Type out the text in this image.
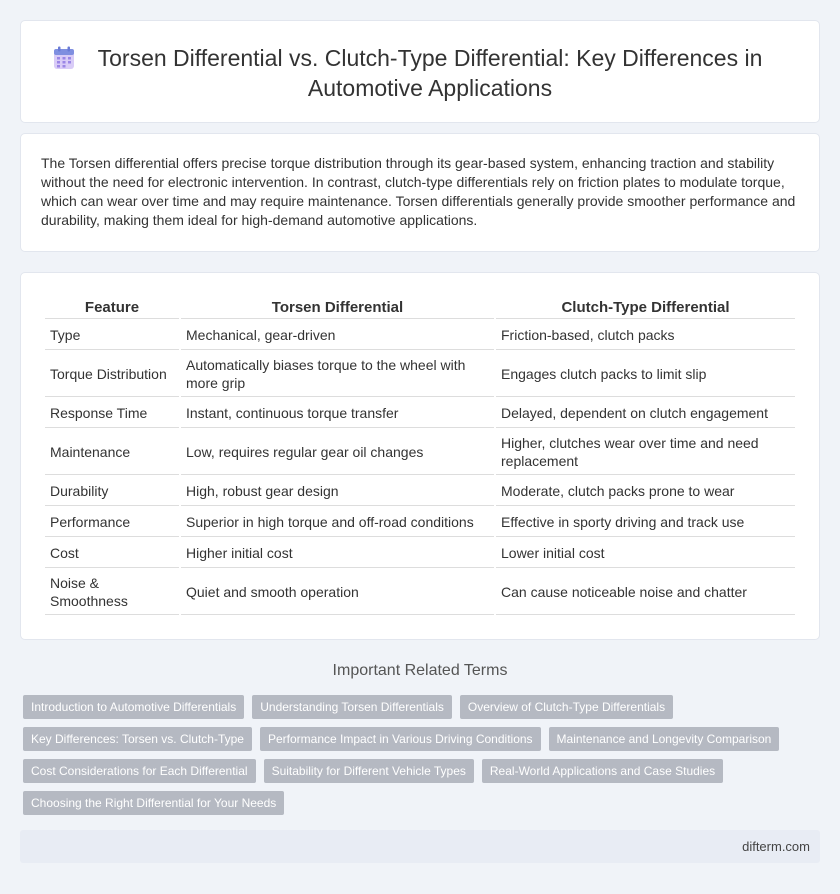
Torsen Differential vs. Clutch-Type Differential: Key Differences in Automotive Applications

The Torsen differential offers precise torque distribution through its gear-based system, enhancing traction and stability without the need for electronic intervention. In contrast, clutch-type differentials rely on friction plates to modulate torque, which can wear over time and may require maintenance. Torsen differentials generally provide smoother performance and durability, making them ideal for high-demand automotive applications.

Feature	Torsen Differential	Clutch-Type Differential
Type	Mechanical, gear-driven	Friction-based, clutch packs
Torque Distribution	Automatically biases torque to the wheel with more grip	Engages clutch packs to limit slip
Response Time	Instant, continuous torque transfer	Delayed, dependent on clutch engagement
Maintenance	Low, requires regular gear oil changes	Higher, clutches wear over time and need replacement
Durability	High, robust gear design	Moderate, clutch packs prone to wear
Performance	Superior in high torque and off-road conditions	Effective in sporty driving and track use
Cost	Higher initial cost	Lower initial cost
Noise & Smoothness	Quiet and smooth operation	Can cause noticeable noise and chatter
Important Related Terms
Introduction to Automotive Differentials	Understanding Torsen Differentials	Overview of Clutch-Type Differentials
Key Differences: Torsen vs. Clutch-Type	Performance Impact in Various Driving Conditions	Maintenance and Longevity Comparison
Cost Considerations for Each Differential	Suitability for Different Vehicle Types	Real-World Applications and Case Studies
Choosing the Right Differential for Your Needs
difterm.com
